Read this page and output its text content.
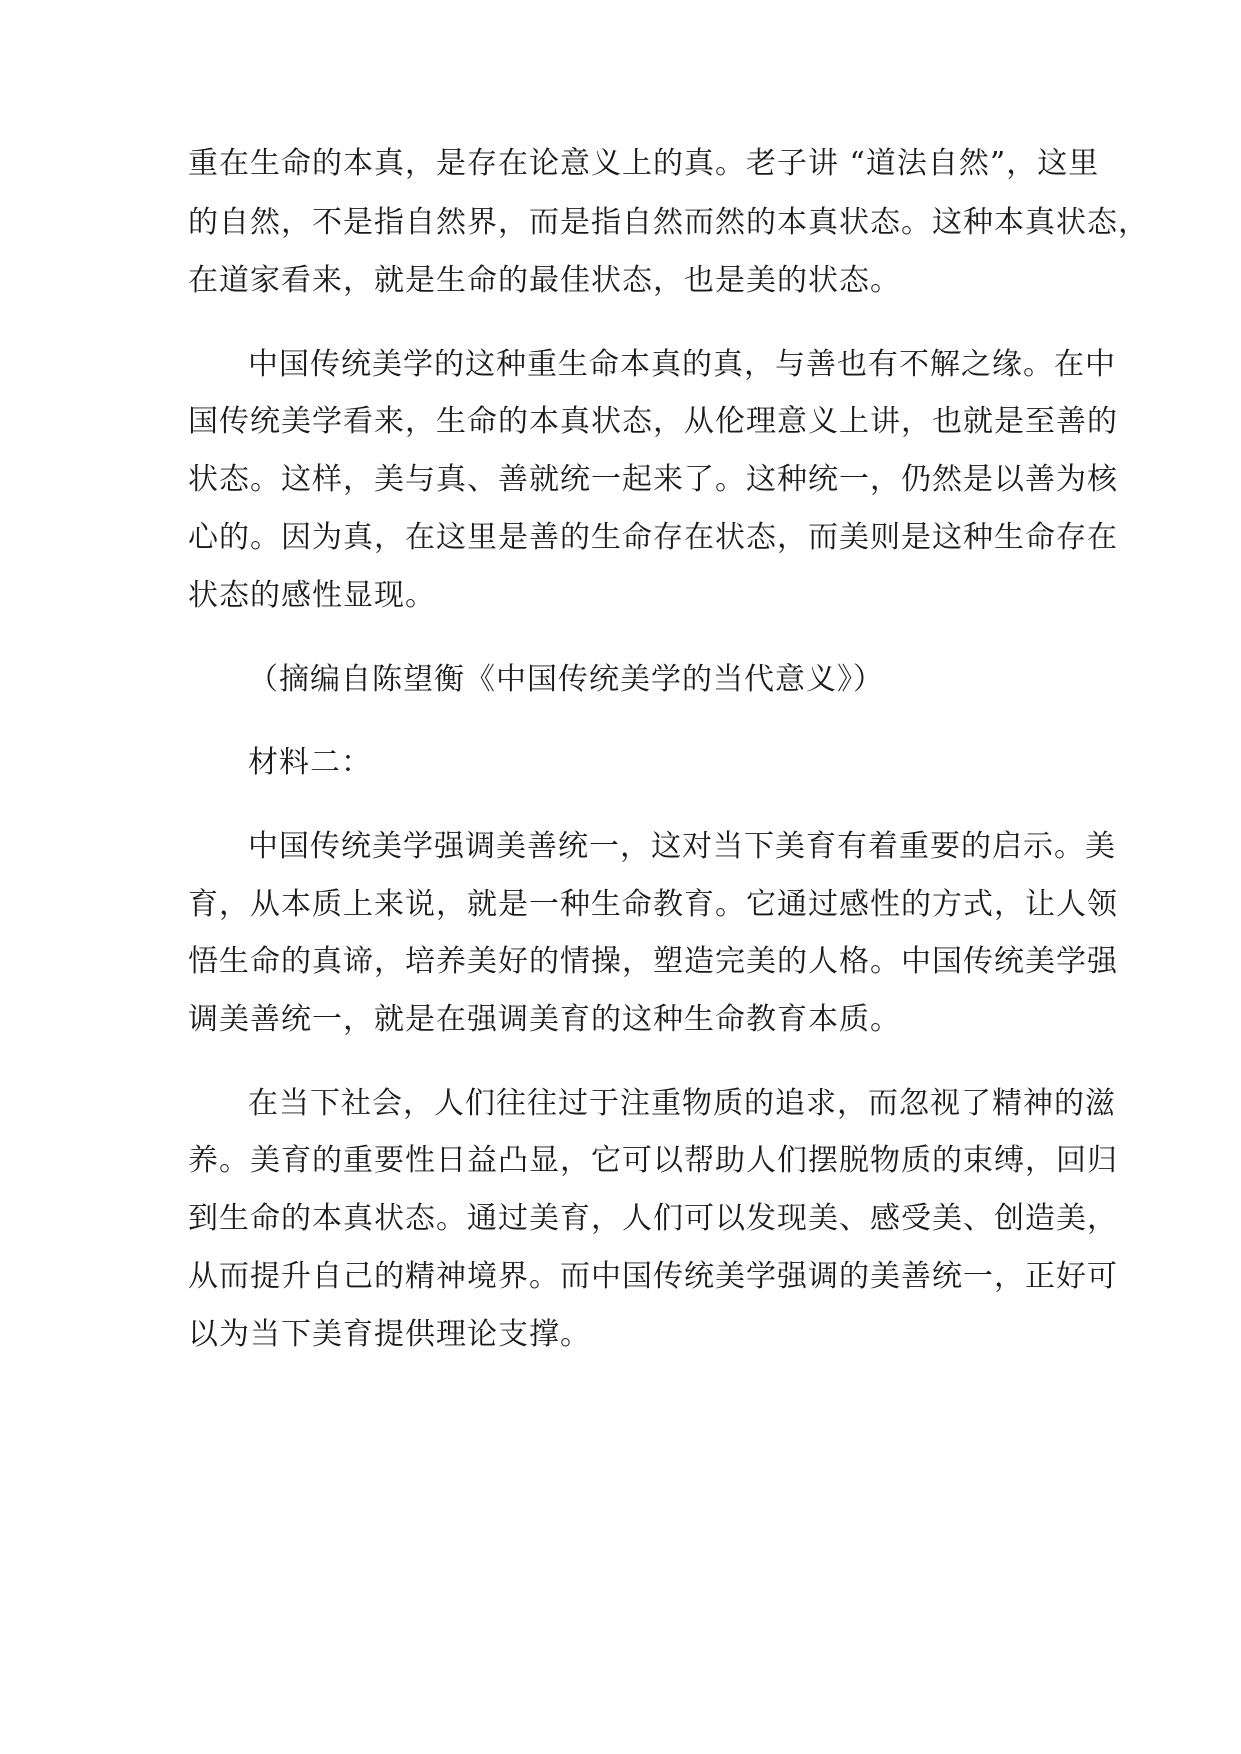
重在生命的本真，是存在论意义上的真。老子讲 “道法自然”，这里
的自然，不是指自然界，而是指自然而然的本真状态。这种本真状态，
在道家看来，就是生命的最佳状态，也是美的状态。
中国传统美学的这种重生命本真的真，与善也有不解之缘。在中
国传统美学看来，生命的本真状态，从伦理意义上讲，也就是至善的
状态。这样，美与真、善就统一起来了。这种统一，仍然是以善为核
心的。因为真，在这里是善的生命存在状态，而美则是这种生命存在
状态的感性显现。
（摘编自陈望衡《中国传统美学的当代意义》）
材料二：
中国传统美学强调美善统一，这对当下美育有着重要的启示。美
育，从本质上来说，就是一种生命教育。它通过感性的方式，让人领
悟生命的真谛，培养美好的情操，塑造完美的人格。中国传统美学强
调美善统一，就是在强调美育的这种生命教育本质。
在当下社会，人们往往过于注重物质的追求，而忽视了精神的滋
养。美育的重要性日益凸显，它可以帮助人们摆脱物质的束缚，回归
到生命的本真状态。通过美育，人们可以发现美、感受美、创造美，
从而提升自己的精神境界。而中国传统美学强调的美善统一，正好可
以为当下美育提供理论支撑。
